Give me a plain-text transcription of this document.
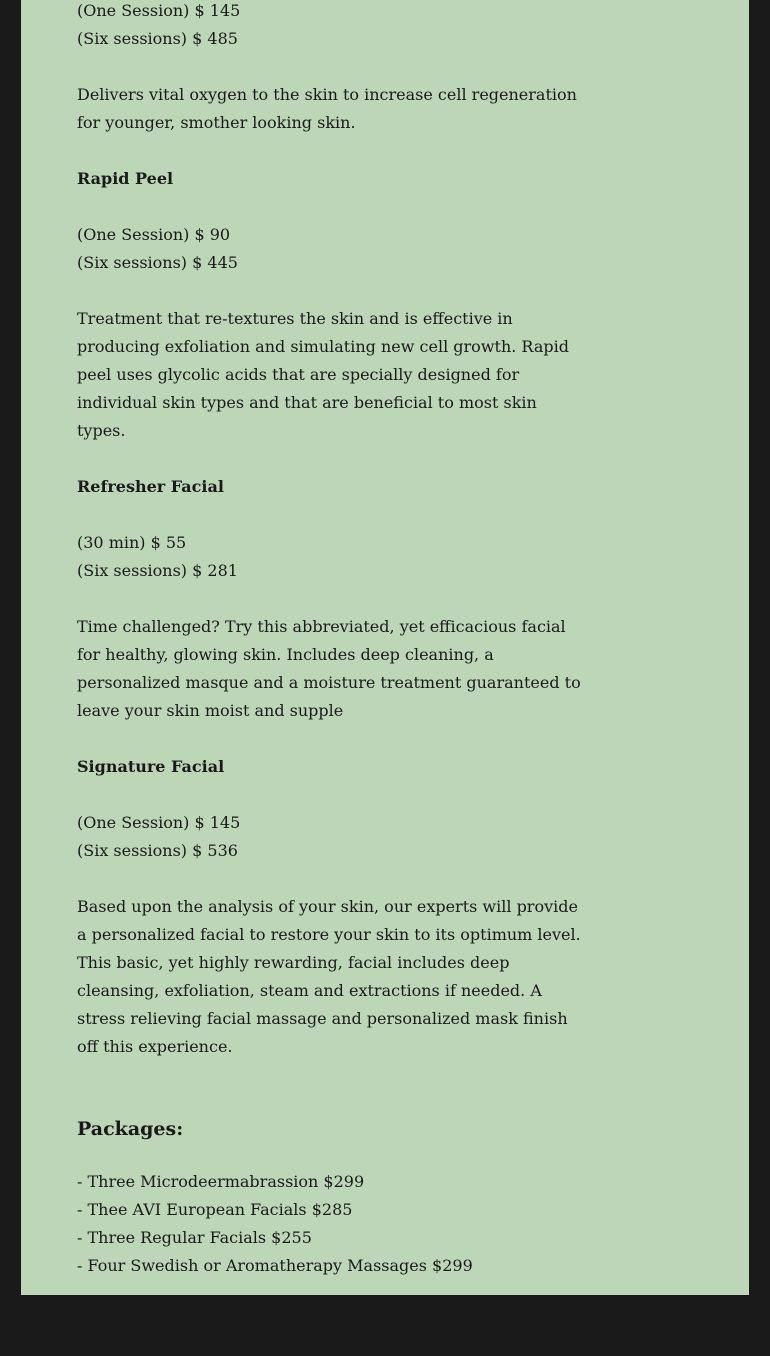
(One Session) $ 145
(Six sessions) $ 485

Delivers vital oxygen to the skin to increase cell regeneration for younger, smother looking skin.

Rapid Peel

(One Session) $ 90
(Six sessions) $ 445

Treatment that re-textures the skin and is effective in producing exfoliation and simulating new cell growth. Rapid peel uses glycolic acids that are specially designed for individual skin types and that are beneficial to most skin types.

Refresher Facial

(30 min) $ 55
(Six sessions) $ 281

Time challenged? Try this abbreviated, yet efficacious facial for healthy, glowing skin. Includes deep cleaning, a personalized masque and a moisture treatment guaranteed to leave your skin moist and supple

Signature Facial

(One Session) $ 145
(Six sessions) $ 536

Based upon the analysis of your skin, our experts will provide a personalized facial to restore your skin to its optimum level. This basic, yet highly rewarding, facial includes deep cleansing, exfoliation, steam and extractions if needed. A stress relieving facial massage and personalized mask finish off this experience.

Packages:

- Three Microdeermabrassion $299

- Thee AVI European Facials $285

- Three Regular Facials $255

- Four Swedish or Aromatherapy Massages $299

Call Us for Appointment at 718-549-9200
